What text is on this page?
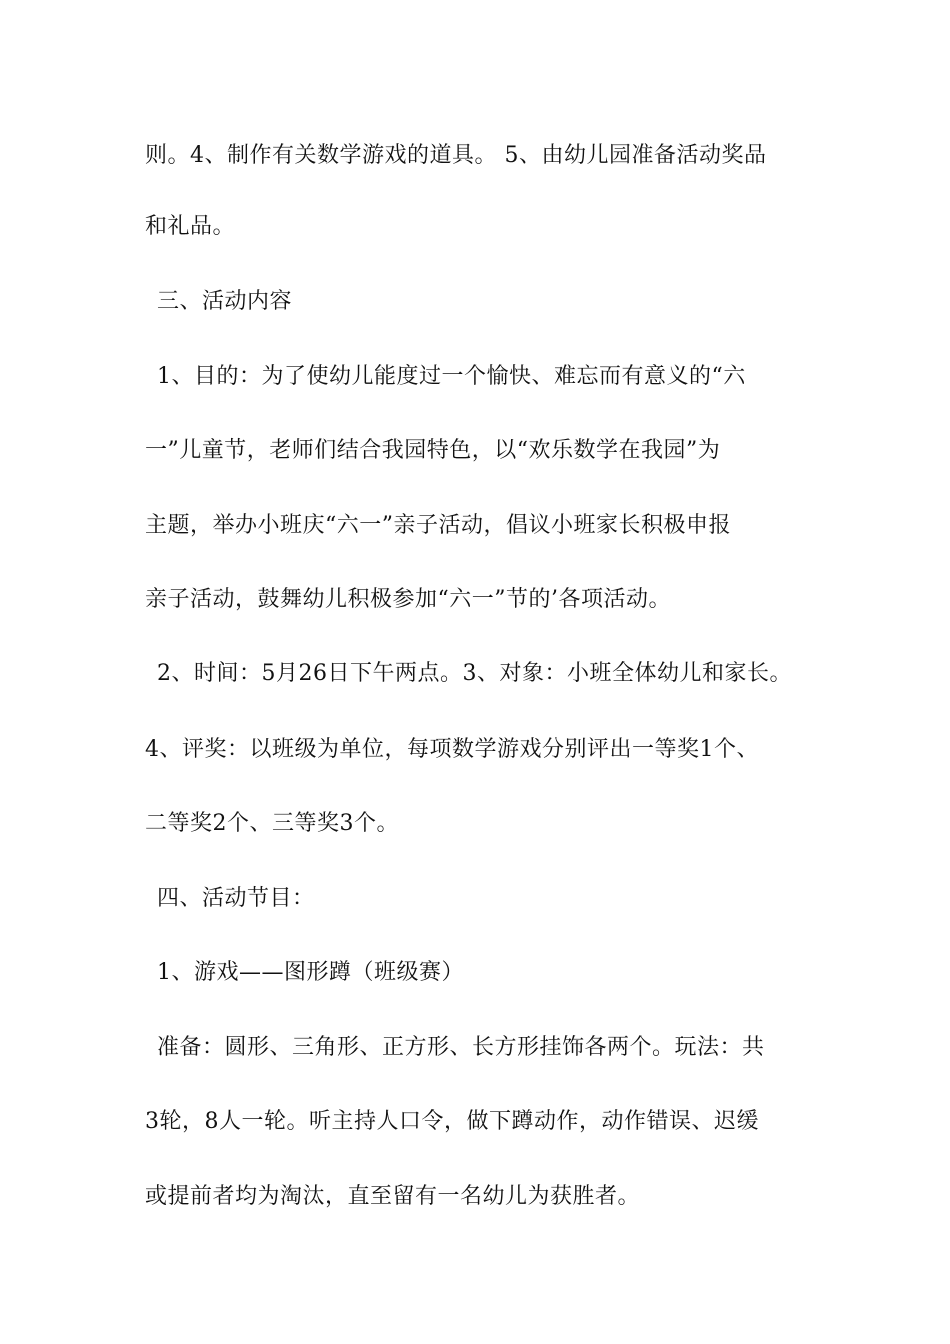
则。4、制作有关数学游戏的道具。 5、由幼儿园准备活动奖品
和礼品。
三、活动内容
1、目的：为了使幼儿能度过一个愉快、难忘而有意义的“六
一”儿童节，老师们结合我园特色，以“欢乐数学在我园”为
主题，举办小班庆“六一”亲子活动，倡议小班家长积极申报
亲子活动，鼓舞幼儿积极参加“六一”节的’各项活动。
2、时间：5月26日下午两点。3、对象：小班全体幼儿和家长。
4、评奖：以班级为单位，每项数学游戏分别评出一等奖1个、
二等奖2个、三等奖3个。
四、活动节目：
1、游戏——图形蹲（班级赛）
准备：圆形、三角形、正方形、长方形挂饰各两个。玩法：共
3轮，8人一轮。听主持人口令，做下蹲动作，动作错误、迟缓
或提前者均为淘汰，直至留有一名幼儿为获胜者。
